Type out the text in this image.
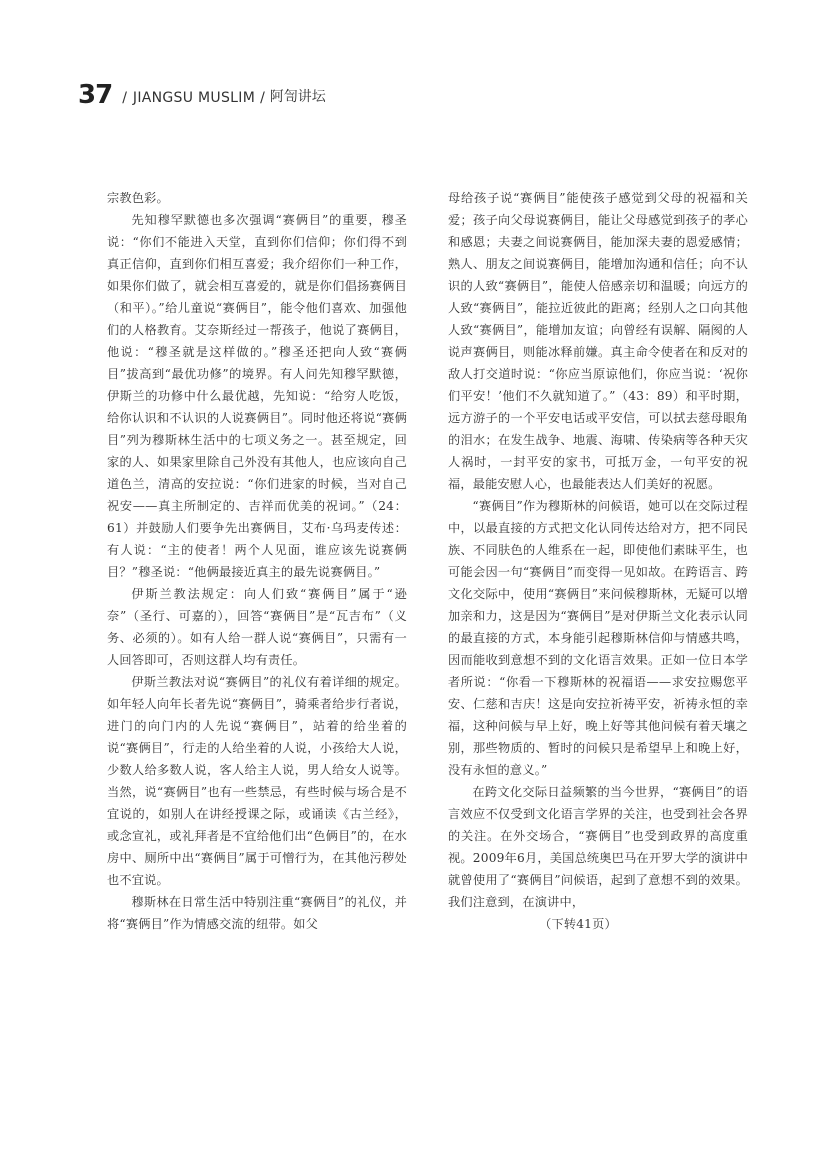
37 / JIANGSU MUSLIM / 阿訇讲坛

宗教色彩。

先知穆罕默德也多次强调“赛俩目”的重要，穆圣说：“你们不能进入天堂，直到你们信仰；你们得不到真正信仰，直到你们相互喜爱；我介绍你们一种工作，如果你们做了，就会相互喜爱的，就是你们倡扬赛俩目（和平）。”给儿童说“赛俩目”，能令他们喜欢、加强他们的人格教育。艾奈斯经过一帮孩子，他说了赛俩目，他说：“穆圣就是这样做的。”穆圣还把向人致“赛俩目”拔高到“最优功修”的境界。有人问先知穆罕默德，伊斯兰的功修中什么最优越，先知说：“给穷人吃饭，给你认识和不认识的人说赛俩目”。同时他还将说“赛俩目”列为穆斯林生活中的七项义务之一。甚至规定，回家的人、如果家里除自己外没有其他人，也应该向自己道色兰，清高的安拉说：“你们进家的时候，当对自己祝安——真主所制定的、吉祥而优美的祝词。”（24：61）并鼓励人们要争先出赛俩目，艾布·乌玛麦传述：有人说：“主的使者！两个人见面，谁应该先说赛俩目？”穆圣说：“他俩最接近真主的最先说赛俩目。”

伊斯兰教法规定：向人们致“赛俩目”属于“逊奈”（圣行、可嘉的），回答“赛俩目”是“瓦吉布”（义务、必须的）。如有人给一群人说“赛俩目”，只需有一人回答即可，否则这群人均有责任。

伊斯兰教法对说“赛俩目”的礼仪有着详细的规定。如年轻人向年长者先说“赛俩目”，骑乘者给步行者说，进门的向门内的人先说“赛俩目”，站着的给坐着的说“赛俩目”，行走的人给坐着的人说，小孩给大人说，少数人给多数人说，客人给主人说，男人给女人说等。当然，说“赛俩目”也有一些禁忌，有些时候与场合是不宜说的，如别人在讲经授课之际，或诵读《古兰经》，或念宣礼，或礼拜者是不宜给他们出“色俩目”的，在水房中、厕所中出“赛俩目”属于可憎行为，在其他污秽处也不宜说。

穆斯林在日常生活中特别注重“赛俩目”的礼仪，并将“赛俩目”作为情感交流的纽带。如父

母给孩子说“赛俩目”能使孩子感觉到父母的祝福和关爱；孩子向父母说赛俩目，能让父母感觉到孩子的孝心和感恩；夫妻之间说赛俩目，能加深夫妻的恩爱感情；熟人、朋友之间说赛俩目，能增加沟通和信任；向不认识的人致“赛俩目”，能使人倍感亲切和温暖；向远方的人致“赛俩目”，能拉近彼此的距离；经别人之口向其他人致“赛俩目”，能增加友谊；向曾经有误解、隔阂的人说声赛俩目，则能冰释前嫌。真主命令使者在和反对的敌人打交道时说：“你应当原谅他们，你应当说：‘祝你们平安！’他们不久就知道了。”（43：89）和平时期，远方游子的一个平安电话或平安信，可以拭去慈母眼角的泪水；在发生战争、地震、海啸、传染病等各种天灾人祸时，一封平安的家书，可抵万金，一句平安的祝福，最能安慰人心，也最能表达人们美好的祝愿。

“赛俩目”作为穆斯林的问候语，她可以在交际过程中，以最直接的方式把文化认同传达给对方，把不同民族、不同肤色的人维系在一起，即使他们素昧平生，也可能会因一句“赛俩目”而变得一见如故。在跨语言、跨文化交际中，使用“赛俩目”来问候穆斯林，无疑可以增加亲和力，这是因为“赛俩目”是对伊斯兰文化表示认同的最直接的方式，本身能引起穆斯林信仰与情感共鸣，因而能收到意想不到的文化语言效果。正如一位日本学者所说：“你看一下穆斯林的祝福语——求安拉赐您平安、仁慈和吉庆！这是向安拉祈祷平安，祈祷永恒的幸福，这种问候与早上好，晚上好等其他问候有着天壤之别，那些物质的、暂时的问候只是希望早上和晚上好，没有永恒的意义。”

在跨文化交际日益频繁的当今世界，“赛俩目”的语言效应不仅受到文化语言学界的关注，也受到社会各界的关注。在外交场合，“赛俩目”也受到政界的高度重视。2009年6月，美国总统奥巴马在开罗大学的演讲中就曾使用了“赛俩目”问候语，起到了意想不到的效果。我们注意到，在演讲中，

（下转41页）
